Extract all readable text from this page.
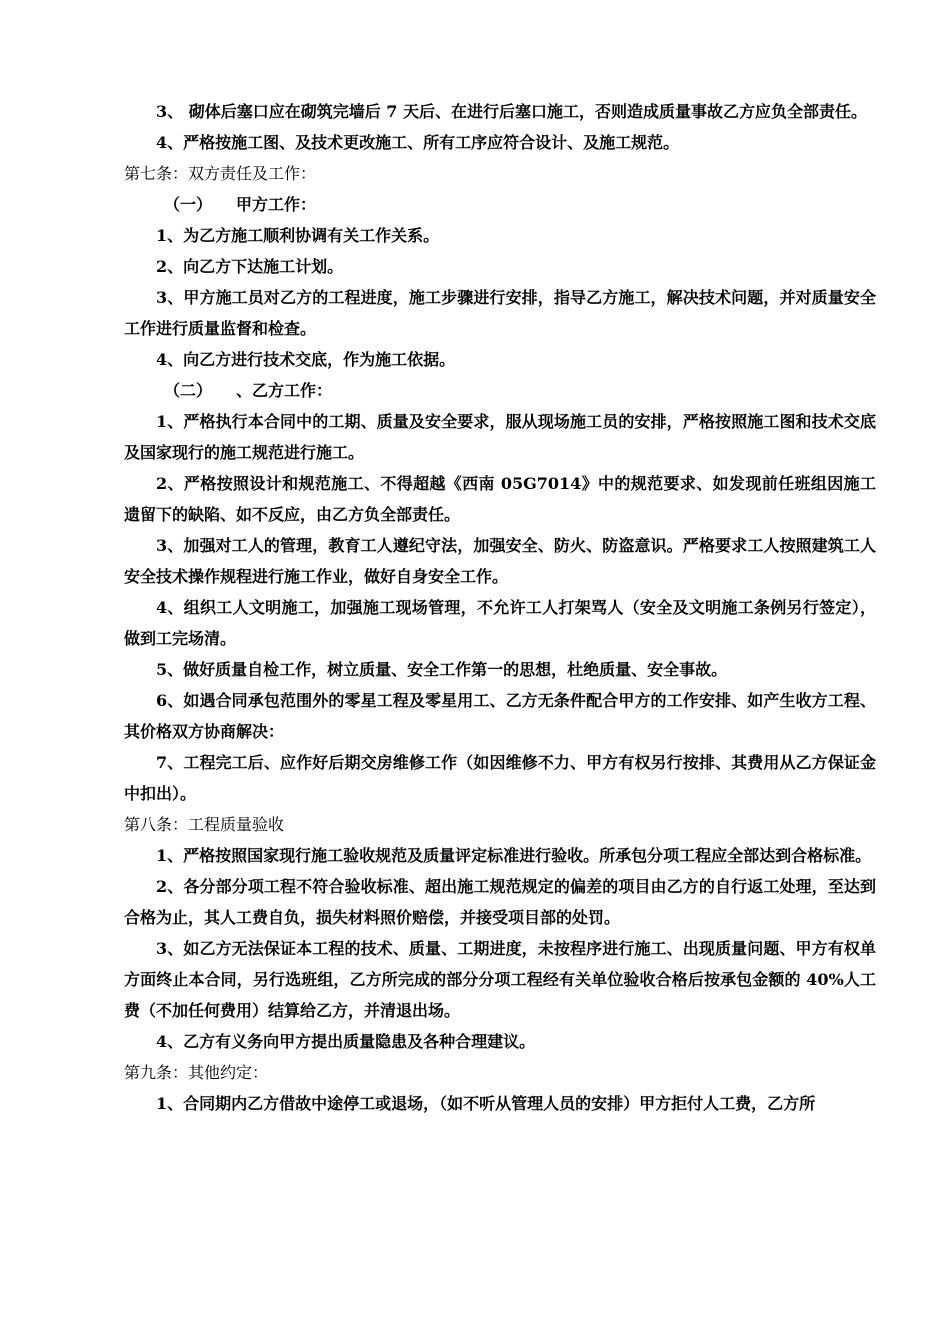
3、 砌体后塞口应在砌筑完墙后 7 天后、在进行后塞口施工，否则造成质量事故乙方应负全部责任。

4、严格按施工图、及技术更改施工、所有工序应符合设计、及施工规范。

第七条：双方责任及工作：

（一） 甲方工作：

1、为乙方施工顺利协调有关工作关系。

2、向乙方下达施工计划。

3、甲方施工员对乙方的工程进度，施工步骤进行安排，指导乙方施工，解决技术问题，并对质量安全工作进行质量监督和检查。

4、向乙方进行技术交底，作为施工依据。

（二） 、乙方工作：

1、严格执行本合同中的工期、质量及安全要求，服从现场施工员的安排，严格按照施工图和技术交底及国家现行的施工规范进行施工。

2、严格按照设计和规范施工、不得超越《西南 05G7014》中的规范要求、如发现前任班组因施工遗留下的缺陷、如不反应，由乙方负全部责任。

3、加强对工人的管理，教育工人遵纪守法，加强安全、防火、防盗意识。严格要求工人按照建筑工人安全技术操作规程进行施工作业，做好自身安全工作。

4、组织工人文明施工，加强施工现场管理，不允许工人打架骂人（安全及文明施工条例另行签定），做到工完场清。

5、做好质量自检工作，树立质量、安全工作第一的思想，杜绝质量、安全事故。

6、如遇合同承包范围外的零星工程及零星用工、乙方无条件配合甲方的工作安排、如产生收方工程、其价格双方协商解决：

7、工程完工后、应作好后期交房维修工作（如因维修不力、甲方有权另行按排、其费用从乙方保证金中扣出）。

第八条：工程质量验收

1、严格按照国家现行施工验收规范及质量评定标准进行验收。所承包分项工程应全部达到合格标准。

2、各分部分项工程不符合验收标准、超出施工规范规定的偏差的项目由乙方的自行返工处理，至达到合格为止，其人工费自负，损失材料照价赔偿，并接受项目部的处罚。

3、如乙方无法保证本工程的技术、质量、工期进度，未按程序进行施工、出现质量问题、甲方有权单方面终止本合同，另行选班组，乙方所完成的部分分项工程经有关单位验收合格后按承包金额的 40%人工费（不加任何费用）结算给乙方，并清退出场。

4、乙方有义务向甲方提出质量隐患及各种合理建议。

第九条：其他约定：

1、合同期内乙方借故中途停工或退场，（如不听从管理人员的安排）甲方拒付人工费，乙方所
